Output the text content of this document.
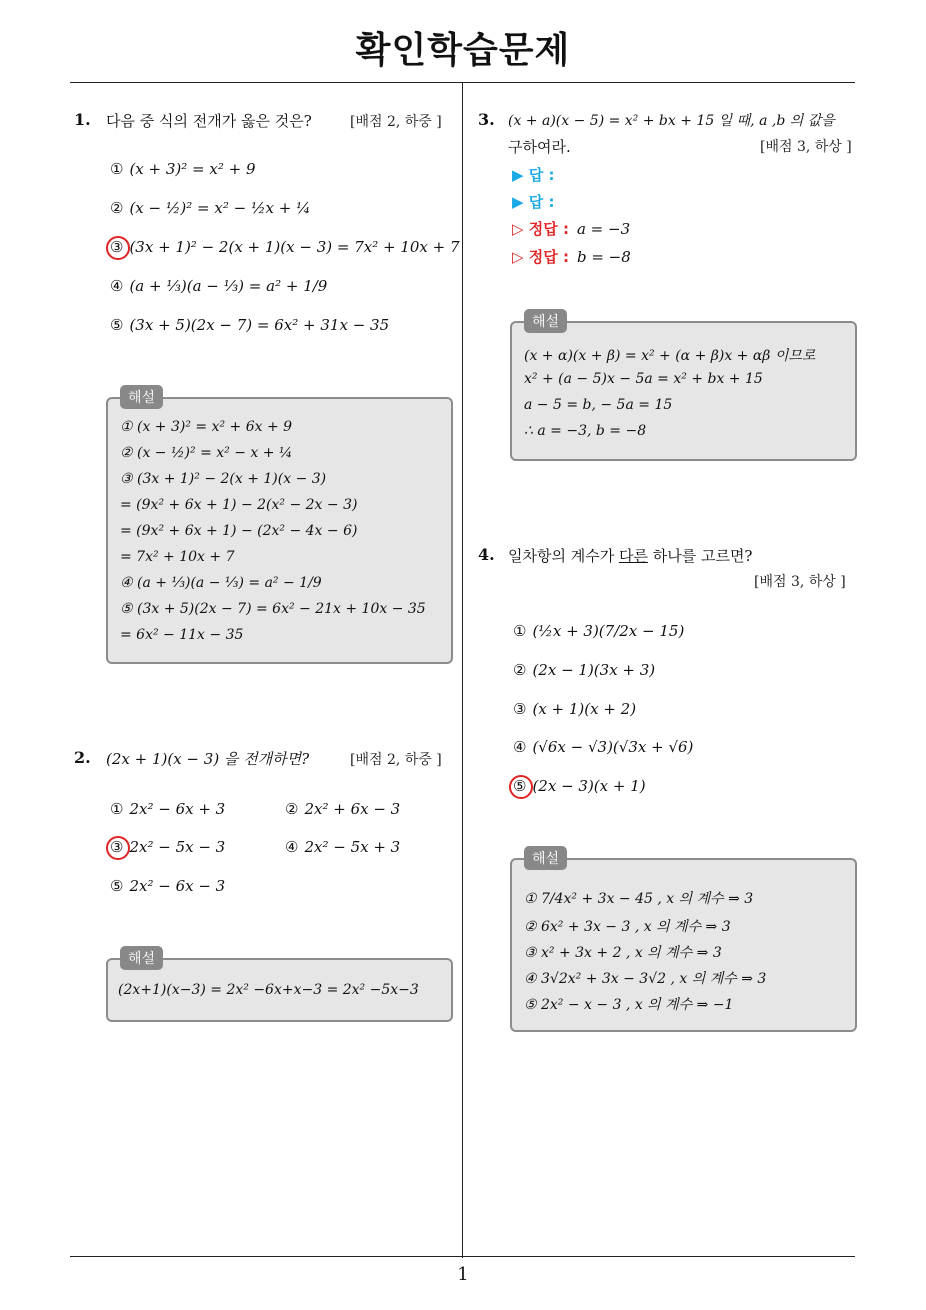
확인학습문제
1
1. 다음 중 식의 전개가 옳은 것은?	[배점 2, 하중 ]
① (x + 3)² = x² + 9
② (x − ½)² = x² − ½x + ¼
③ (3x + 1)² − 2(x + 1)(x − 3) = 7x² + 10x + 7
④ (a + ⅓)(a − ⅓) = a² + 1/9
⑤ (3x + 5)(2x − 7) = 6x² + 31x − 35
① (x + 3)² = x² + 6x + 9
② (x − ½)² = x² − x + ¼
③ (3x + 1)² − 2(x + 1)(x − 3)
= (9x² + 6x + 1) − 2(x² − 2x − 3)
= (9x² + 6x + 1) − (2x² − 4x − 6)
= 7x² + 10x + 7
④ (a + ⅓)(a − ⅓) = a² − 1/9
⑤ (3x + 5)(2x − 7) = 6x² − 21x + 10x − 35
= 6x² − 11x − 35
해설
2. (2x + 1)(x − 3) 을 전개하면?	[배점 2, 하중 ]
① 2x² − 6x + 3	② 2x² + 6x − 3
③ 2x² − 5x − 3	④ 2x² − 5x + 3
⑤ 2x² − 6x − 3
(2x+1)(x−3) = 2x² −6x+x−3 = 2x² −5x−3
해설
3. (x + a)(x − 5) = x² + bx + 15 일 때, a ,b 의 값을
구하여라.	[배점 3, 하상 ]
▶ 답 :
▶ 답 :
▷ 정답 : a = −3
▷ 정답 : b = −8
(x + α)(x + β) = x² + (α + β)x + αβ 이므로
x² + (a − 5)x − 5a = x² + bx + 15
a − 5 = b, − 5a = 15
∴ a = −3, b = −8
해설
4. 일차항의 계수가 다른 하나를 고르면?
[배점 3, 하상 ]
① (½x + 3)(7/2x − 15)
② (2x − 1)(3x + 3)
③ (x + 1)(x + 2)
④ (√6x − √3)(√3x + √6)
⑤ (2x − 3)(x + 1)
① 7/4x² + 3x − 45 , x 의 계수 ⇒ 3
② 6x² + 3x − 3 , x 의 계수 ⇒ 3
③ x² + 3x + 2 , x 의 계수 ⇒ 3
④ 3√2x² + 3x − 3√2 , x 의 계수 ⇒ 3
⑤ 2x² − x − 3 , x 의 계수 ⇒ −1
해설
